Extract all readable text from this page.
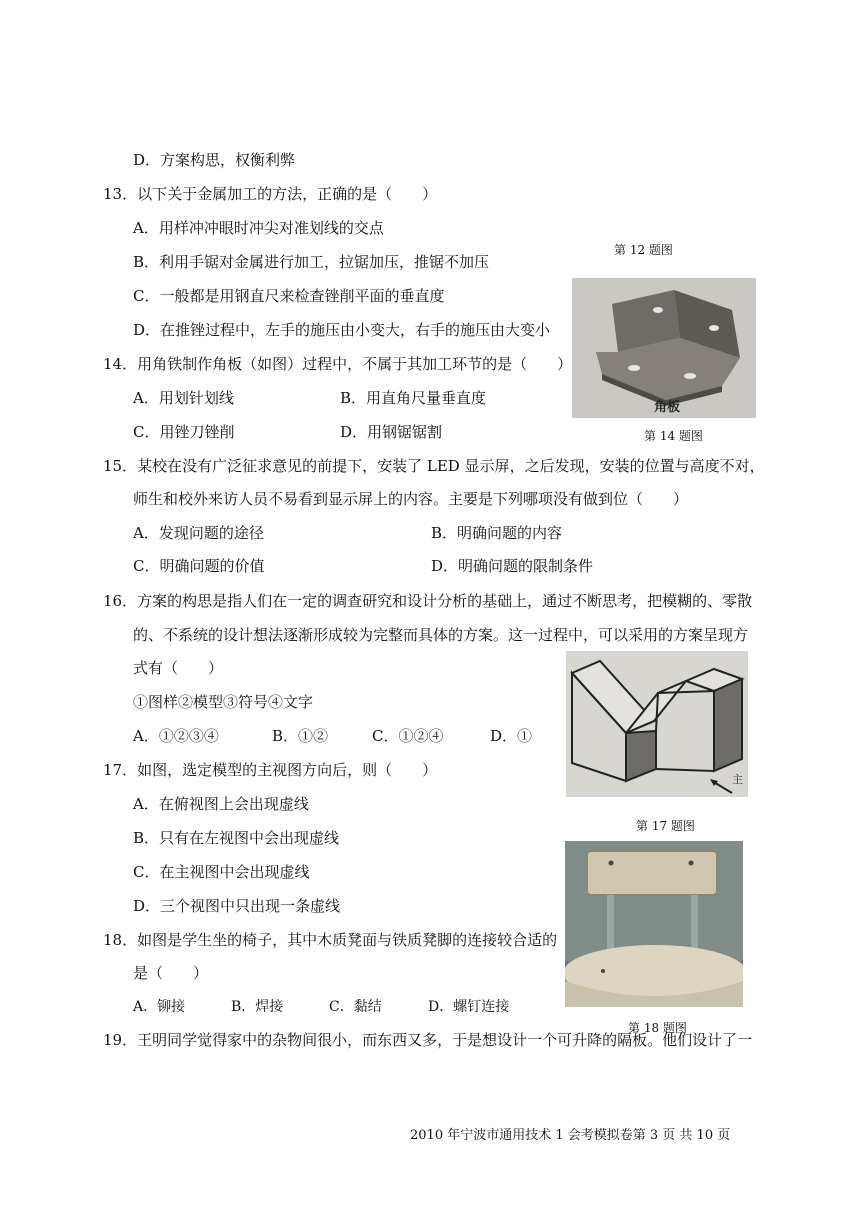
D．方案构思，权衡利弊
13．以下关于金属加工的方法，正确的是（　　）
A．用样冲冲眼时冲尖对准划线的交点
B．利用手锯对金属进行加工，拉锯加压，推锯不加压
C．一般都是用钢直尺来检查锉削平面的垂直度
D．在推锉过程中，左手的施压由小变大，右手的施压由大变小
14．用角铁制作角板（如图）过程中，不属于其加工环节的是（　　）
A．用划针划线	B．用直角尺量垂直度
C．用锉刀锉削	D．用钢锯锯割
15．某校在没有广泛征求意见的前提下，安装了 LED 显示屏，之后发现，安装的位置与高度不对，
师生和校外来访人员不易看到显示屏上的内容。主要是下列哪项没有做到位（　　）
A．发现问题的途径	B．明确问题的内容
C．明确问题的价值	D．明确问题的限制条件
16．方案的构思是指人们在一定的调查研究和设计分析的基础上，通过不断思考，把模糊的、零散
的、不系统的设计想法逐渐形成较为完整而具体的方案。这一过程中，可以采用的方案呈现方
式有（　　）
①图样②模型③符号④文字
A．①②③④	B．①②	C．①②④	D．①
17．如图，选定模型的主视图方向后，则（　　）
A．在俯视图上会出现虚线
B．只有在左视图中会出现虚线
C．在主视图中会出现虚线
D．三个视图中只出现一条虚线
18．如图是学生坐的椅子，其中木质凳面与铁质凳脚的连接较合适的
是（　　）
A．铆接	B．焊接	C．黏结	D．螺钉连接
19．王明同学觉得家中的杂物间很小，而东西又多，于是想设计一个可升降的隔板。他们设计了一
第 12 题图
第 14 题图
第 17 题图
第 18 题图
角板
主
2010 年宁波市通用技术 1 会考模拟卷第 3 页 共 10 页
